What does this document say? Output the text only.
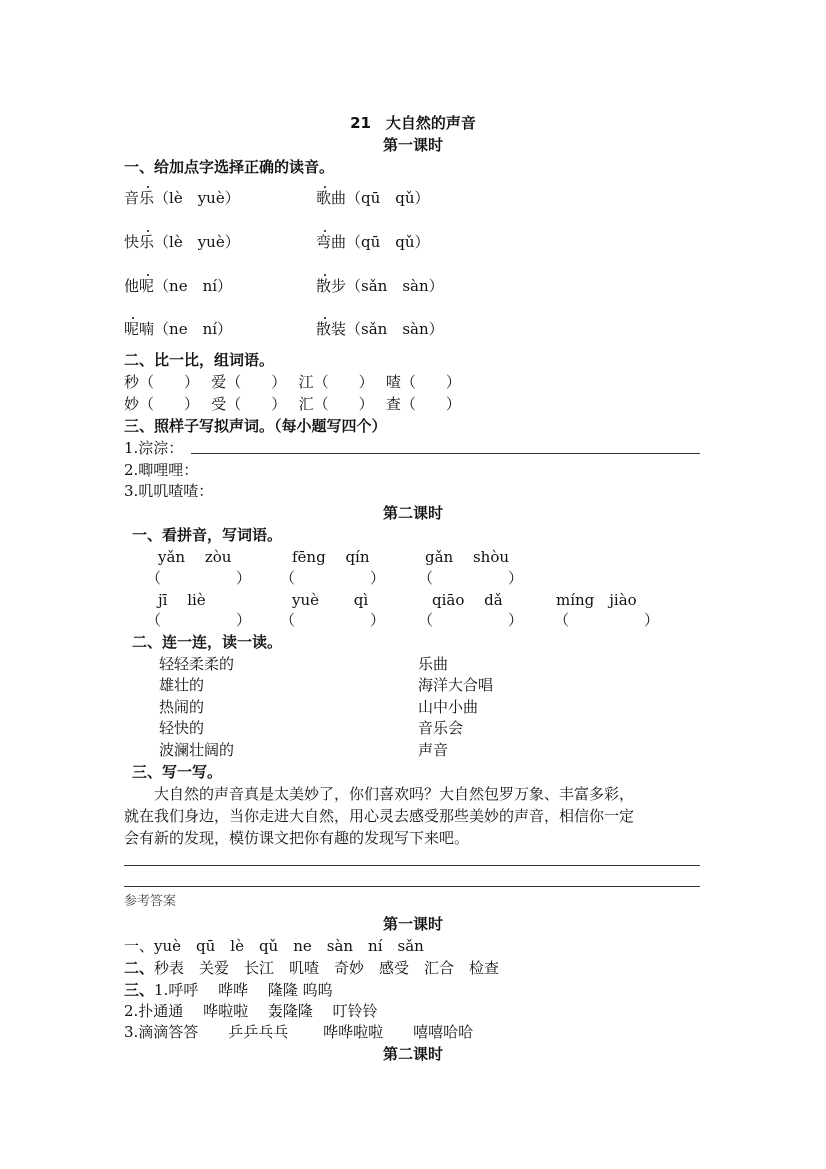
21　大自然的声音
第一课时
一、给加点字选择正确的读音。
音乐（lè　yuè）	歌曲（qū　qǔ）
快乐（lè　yuè）	弯曲（qū　qǔ）
他呢（ne　ní）	散步（sǎn　sàn）
呢喃（ne　ní）	散装（sǎn　sàn）
二、比一比，组词语。
秒（　　）　 爱（　　）　 江（　　）　 喳（　　）
妙（　　）　 受（　　）　 汇（　　）　 查（　　）
三、照样子写拟声词。（每小题写四个）
1.淙淙：
2.唧哩哩：
3.叽叽喳喳：
第二课时
一、看拼音，写词语。
yǎn　 zòu	fēng　 qín	gǎn　 shòu
（　　　　　） （　　　　　） （　　　　　）
jī　 liè	yuè　　 qì	qiāo　 dǎ	míng　jiào
（　　　　　） （　　　　　） （　　　　　） （　　　　　）
二、连一连，读一读。
轻轻柔柔的	乐曲
雄壮的	海洋大合唱
热闹的	山中小曲
轻快的	音乐会
波澜壮阔的	声音
三、写一写。
　　大自然的声音真是太美妙了，你们喜欢吗？大自然包罗万象、丰富多彩，
就在我们身边，当你走进大自然，用心灵去感受那些美妙的声音，相信你一定
会有新的发现，模仿课文把你有趣的发现写下来吧。
参考答案
第一课时
一、yuè　qū　lè　qǔ　ne　sàn　ní　sǎn
二、秒表　关爱　长江　叽喳　奇妙　感受　汇合　检查
三、1.呼呼　 哗哗　 隆隆 呜呜
2.扑通通　 哗啦啦　 轰隆隆　 叮铃铃
3.滴滴答答　　乒乒乓乓　　 哗哗啦啦　　嘻嘻哈哈
第二课时
